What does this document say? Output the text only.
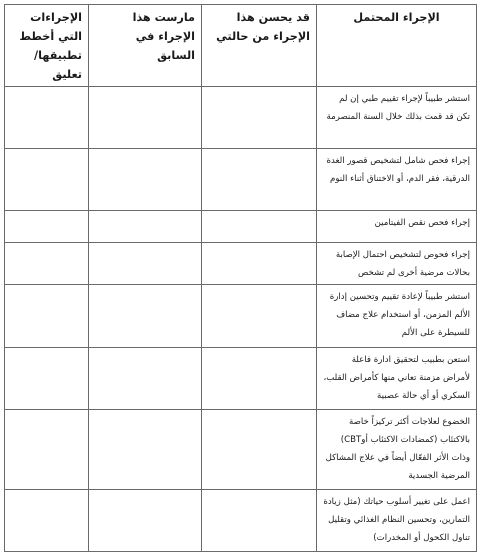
الإجراء المحتمل	قد يحسن هذا الإجراء من حالتي	مارست هذا الإجراء في السابق	الإجراءات التي أخطط تطبيقها/ تعليق
استشر طبيباً لإجراء تقييم طبي إن لم تكن قد قمت بذلك خلال السنة المنصرمة			
إجراء فحص شامل لتشخيص قصور الغدة الدرقية، فقر الدم، أو الاختناق أثناء النوم			
إجراء فحص نقص الفيتامين			
إجراء فحوص لتشخيص احتمال الإصابة بحالات مرضية أخرى لم تشخص			
استشر طبيباً لإعادة تقييم وتحسين إدارة الألم المزمن، أو استخدام علاج مضاف للسيطرة على الألم			
استعن بطبيب لتحقيق ادارة فاعلة لأمراض مزمنة تعاني منها كأمراض القلب، السكري أو أي حالة عصبية			
الخضوع لعلاجات أكثر تركيزاً خاصة بالاكتئاب (كمضادات الاكتئاب أوCBT) وذات الأثر الفعّال أيضاً في علاج المشاكل المرضية الجسدية			
اعمل على تغيير أسلوب حياتك (مثل زيادة التمارين، وتحسين النظام الغذائي وتقليل تناول الكحول أو المخدرات)			
